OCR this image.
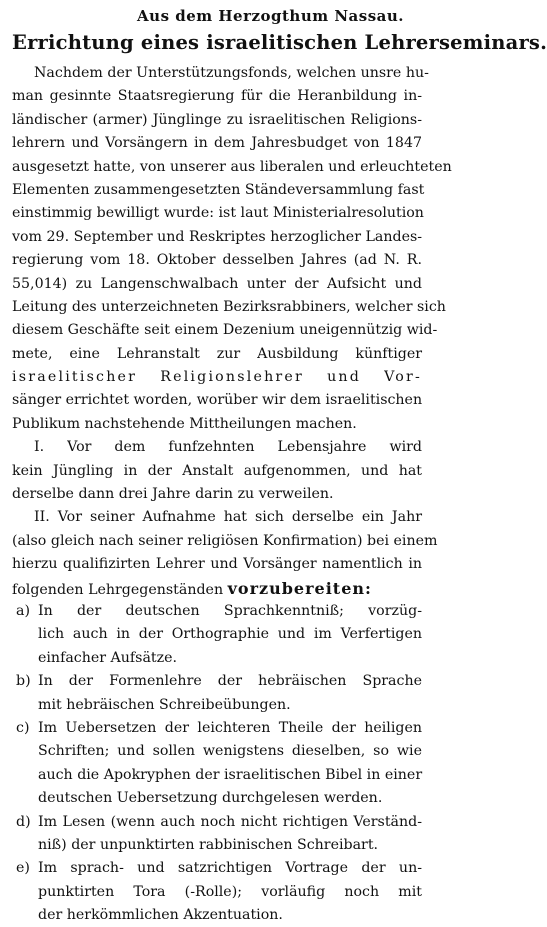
Aus dem Herzogthum Nassau.
Errichtung eines israelitischen Lehrerseminars.
Nachdem der Unterstützungsfonds, welchen unsre hu-
man gesinnte Staatsregierung für die Heranbildung in-
ländischer (armer) Jünglinge zu israelitischen Religions-
lehrern und Vorsängern in dem Jahresbudget von 1847
ausgesetzt hatte, von unserer aus liberalen und erleuchteten
Elementen zusammengesetzten Ständeversammlung fast
einstimmig bewilligt wurde: ist laut Ministerialresolution
vom 29. September und Reskriptes herzoglicher Landes-
regierung vom 18. Oktober desselben Jahres (ad N. R.
55,014) zu Langenschwalbach unter der Aufsicht und
Leitung des unterzeichneten Bezirksrabbiners, welcher sich
diesem Geschäfte seit einem Dezenium uneigennützig wid-
mete, eine Lehranstalt zur Ausbildung künftiger
israelitischer Religionslehrer und Vor-
sänger errichtet worden, worüber wir dem israelitischen
Publikum nachstehende Mittheilungen machen.
I. Vor dem funfzehnten Lebensjahre wird
kein Jüngling in der Anstalt aufgenommen, und hat
derselbe dann drei Jahre darin zu verweilen.
II. Vor seiner Aufnahme hat sich derselbe ein Jahr
(also gleich nach seiner religiösen Konfirmation) bei einem
hierzu qualifizirten Lehrer und Vorsänger namentlich in
folgenden Lehrgegenständen vorzubereiten:
a) In der deutschen Sprachkenntniß; vorzüg-
lich auch in der Orthographie und im Verfertigen
einfacher Aufsätze.
b) In der Formenlehre der hebräischen Sprache
mit hebräischen Schreibeübungen.
c) Im Uebersetzen der leichteren Theile der heiligen
Schriften; und sollen wenigstens dieselben, so wie
auch die Apokryphen der israelitischen Bibel in einer
deutschen Uebersetzung durchgelesen werden.
d) Im Lesen (wenn auch noch nicht richtigen Verständ-
niß) der unpunktirten rabbinischen Schreibart.
e) Im sprach- und satzrichtigen Vortrage der un-
punktirten Tora (-Rolle); vorläufig noch mit
der herkömmlichen Akzentuation.
